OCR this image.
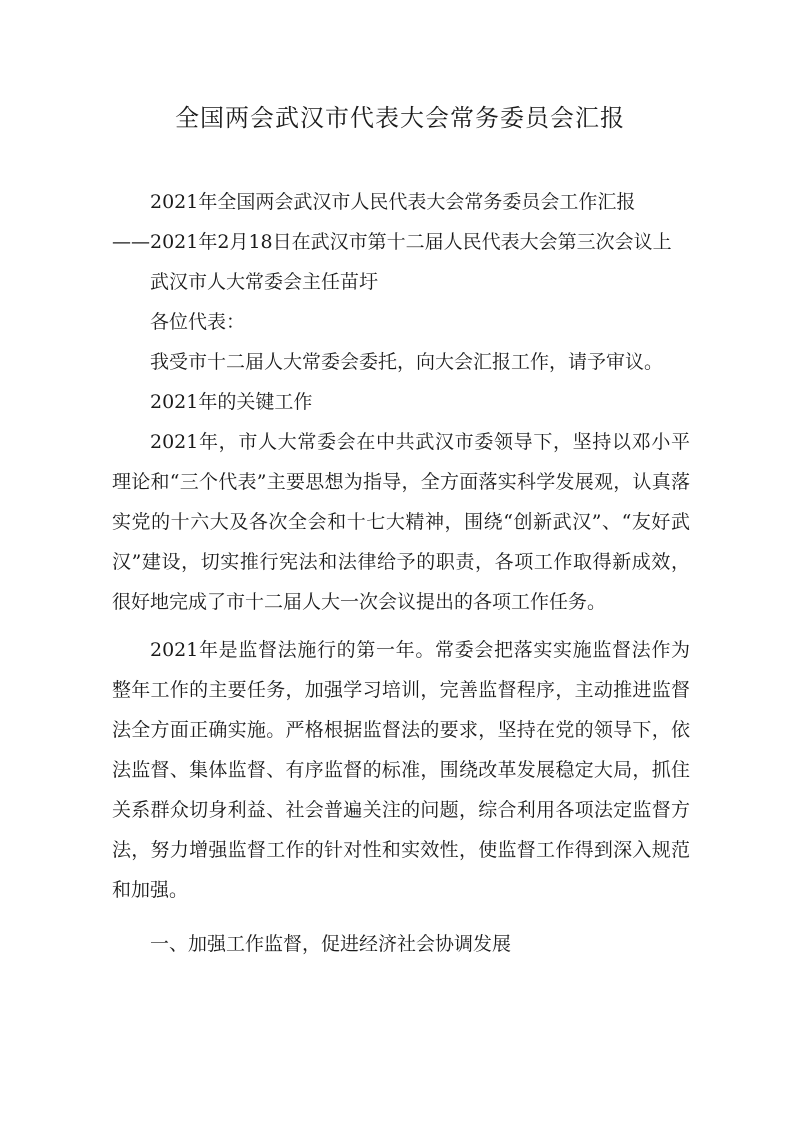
全国两会武汉市代表大会常务委员会汇报

2021年全国两会武汉市人民代表大会常务委员会工作汇报

——2021年2月18日在武汉市第十二届人民代表大会第三次会议上

武汉市人大常委会主任苗圩

各位代表：

我受市十二届人大常委会委托，向大会汇报工作，请予审议。

2021年的关键工作

2021年，市人大常委会在中共武汉市委领导下，坚持以邓小平理论和“三个代表”主要思想为指导，全方面落实科学发展观，认真落实党的十六大及各次全会和十七大精神，围绕“创新武汉”、“友好武汉”建设，切实推行宪法和法律给予的职责，各项工作取得新成效，很好地完成了市十二届人大一次会议提出的各项工作任务。

2021年是监督法施行的第一年。常委会把落实实施监督法作为整年工作的主要任务，加强学习培训，完善监督程序，主动推进监督法全方面正确实施。严格根据监督法的要求，坚持在党的领导下，依法监督、集体监督、有序监督的标准，围绕改革发展稳定大局，抓住关系群众切身利益、社会普遍关注的问题，综合利用各项法定监督方法，努力增强监督工作的针对性和实效性，使监督工作得到深入规范和加强。

一、加强工作监督，促进经济社会协调发展
